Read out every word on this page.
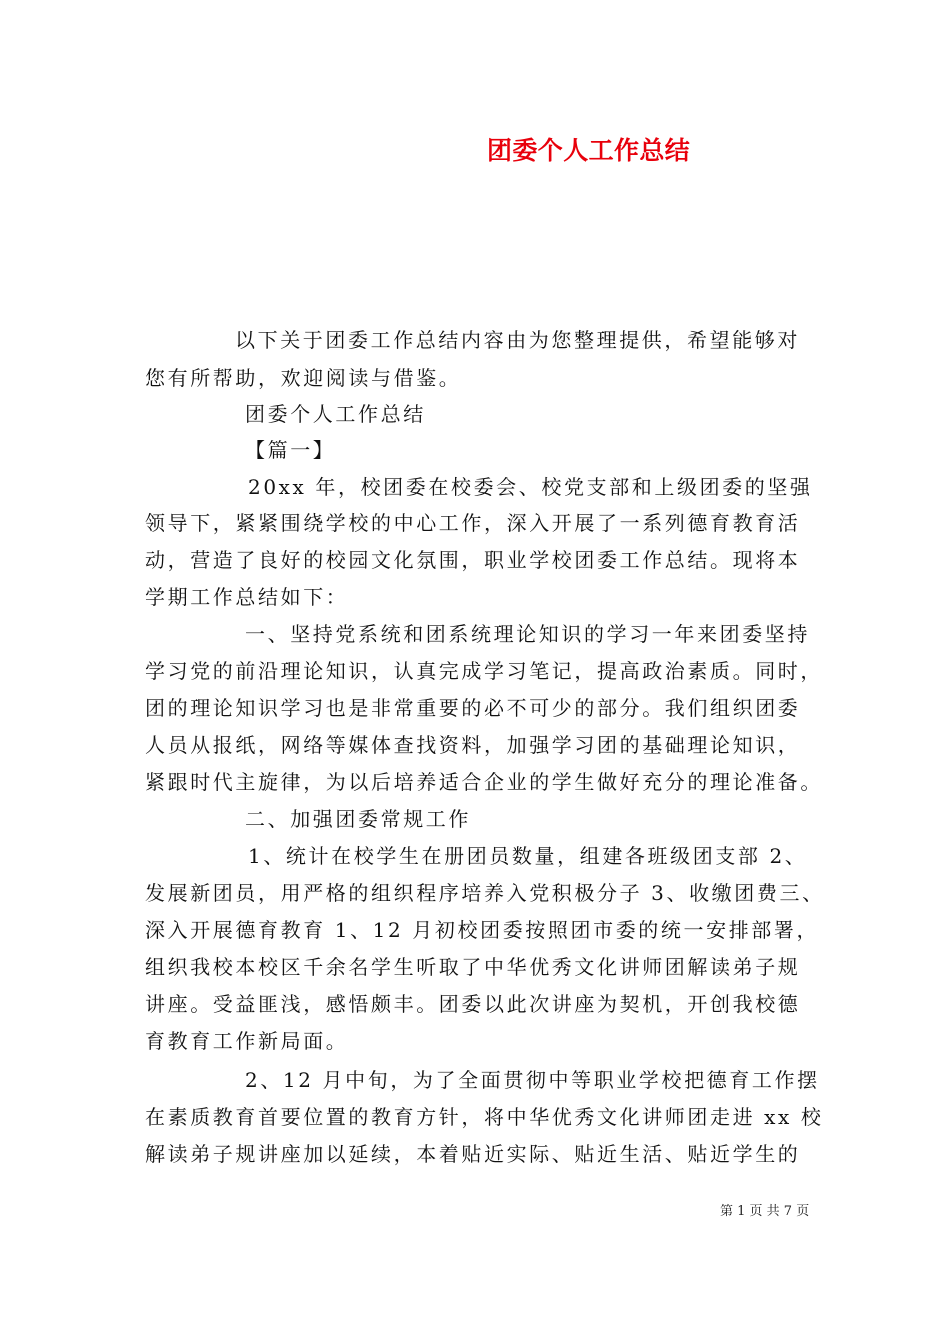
团委个人工作总结
以下关于团委工作总结内容由为您整理提供，希望能够对
您有所帮助，欢迎阅读与借鉴。
团委个人工作总结
【篇一】
20xx 年，校团委在校委会、校党支部和上级团委的坚强
领导下，紧紧围绕学校的中心工作，深入开展了一系列德育教育活
动，营造了良好的校园文化氛围，职业学校团委工作总结。现将本
学期工作总结如下：
一、坚持党系统和团系统理论知识的学习一年来团委坚持
学习党的前沿理论知识，认真完成学习笔记，提高政治素质。同时，
团的理论知识学习也是非常重要的必不可少的部分。我们组织团委
人员从报纸，网络等媒体查找资料，加强学习团的基础理论知识，
紧跟时代主旋律，为以后培养适合企业的学生做好充分的理论准备。
二、加强团委常规工作
1、统计在校学生在册团员数量，组建各班级团支部 2、
发展新团员，用严格的组织程序培养入党积极分子 3、收缴团费三、
深入开展德育教育 1、12 月初校团委按照团市委的统一安排部署，
组织我校本校区千余名学生听取了中华优秀文化讲师团解读弟子规
讲座。受益匪浅，感悟颇丰。团委以此次讲座为契机，开创我校德
育教育工作新局面。
2、12 月中旬，为了全面贯彻中等职业学校把德育工作摆
在素质教育首要位置的教育方针，将中华优秀文化讲师团走进 xx 校
解读弟子规讲座加以延续，本着贴近实际、贴近生活、贴近学生的
第 1 页 共 7 页
